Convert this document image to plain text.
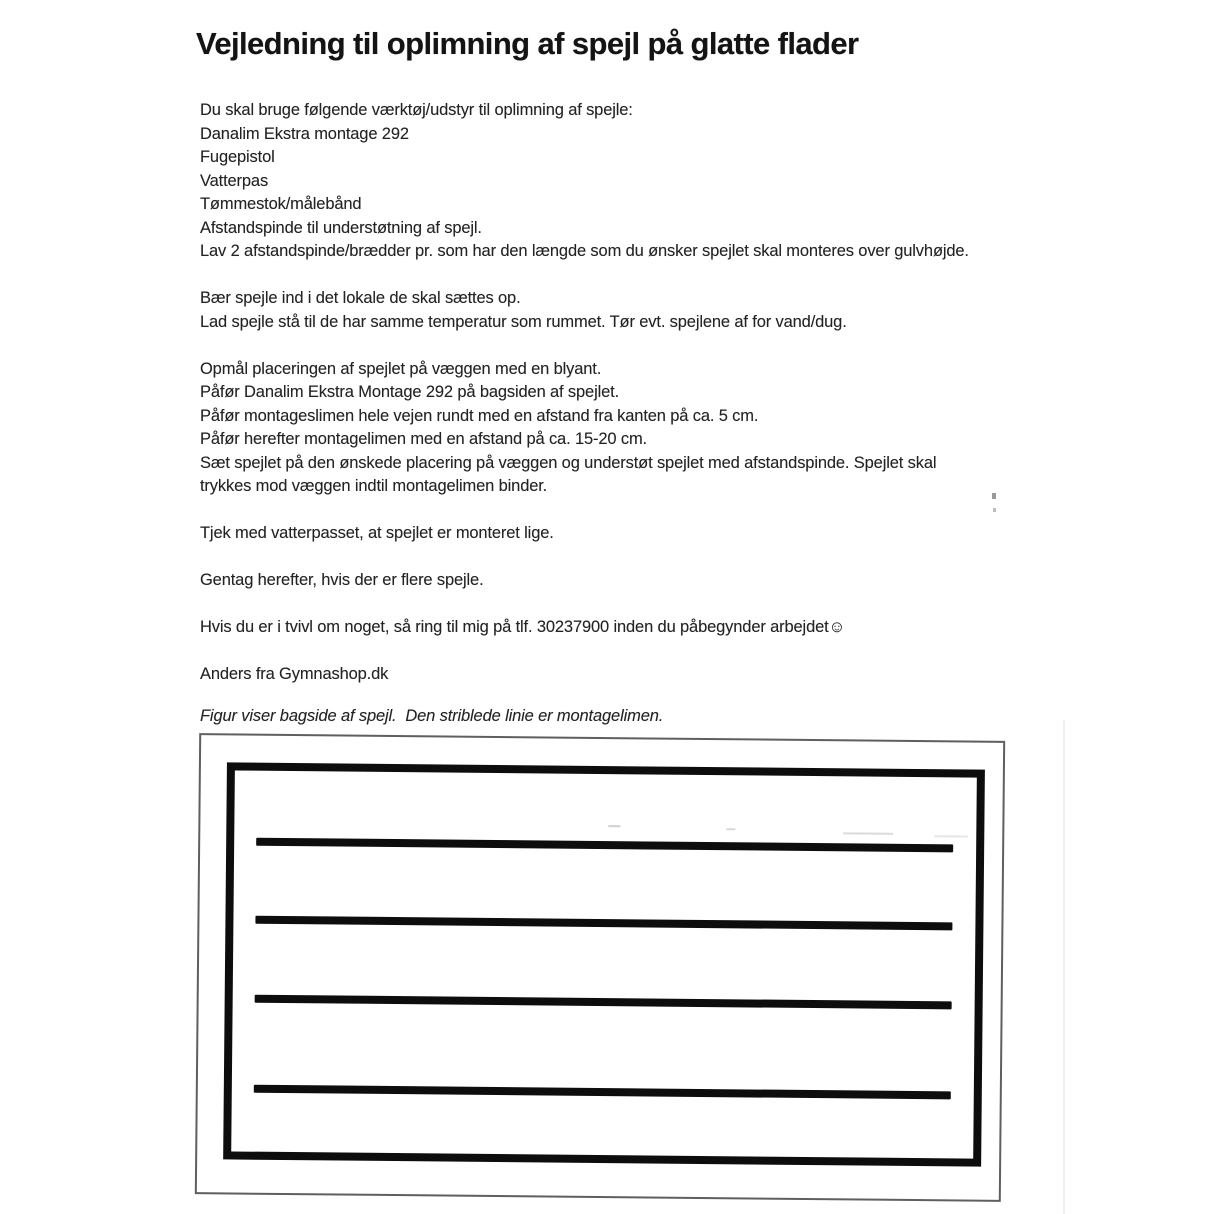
Vejledning til oplimning af spejl på glatte flader

Du skal bruge følgende værktøj/udstyr til oplimning af spejle:
Danalim Ekstra montage 292
Fugepistol
Vatterpas
Tømmestok/målebånd
Afstandspinde til understøtning af spejl.
Lav 2 afstandspinde/brædder pr. som har den længde som du ønsker spejlet skal monteres over gulvhøjde.

Bær spejle ind i det lokale de skal sættes op.
Lad spejle stå til de har samme temperatur som rummet. Tør evt. spejlene af for vand/dug.

Opmål placeringen af spejlet på væggen med en blyant.
Påfør Danalim Ekstra Montage 292 på bagsiden af spejlet.
Påfør montageslimen hele vejen rundt med en afstand fra kanten på ca. 5 cm.
Påfør herefter montagelimen med en afstand på ca. 15-20 cm.
Sæt spejlet på den ønskede placering på væggen og understøt spejlet med afstandspinde. Spejlet skal
trykkes mod væggen indtil montagelimen binder.

Tjek med vatterpasset, at spejlet er monteret lige.

Gentag herefter, hvis der er flere spejle.

Hvis du er i tvivl om noget, så ring til mig på tlf. 30237900 inden du påbegynder arbejdet☺

Anders fra Gymnashop.dk

Figur viser bagside af spejl.  Den striblede linie er montagelimen.
